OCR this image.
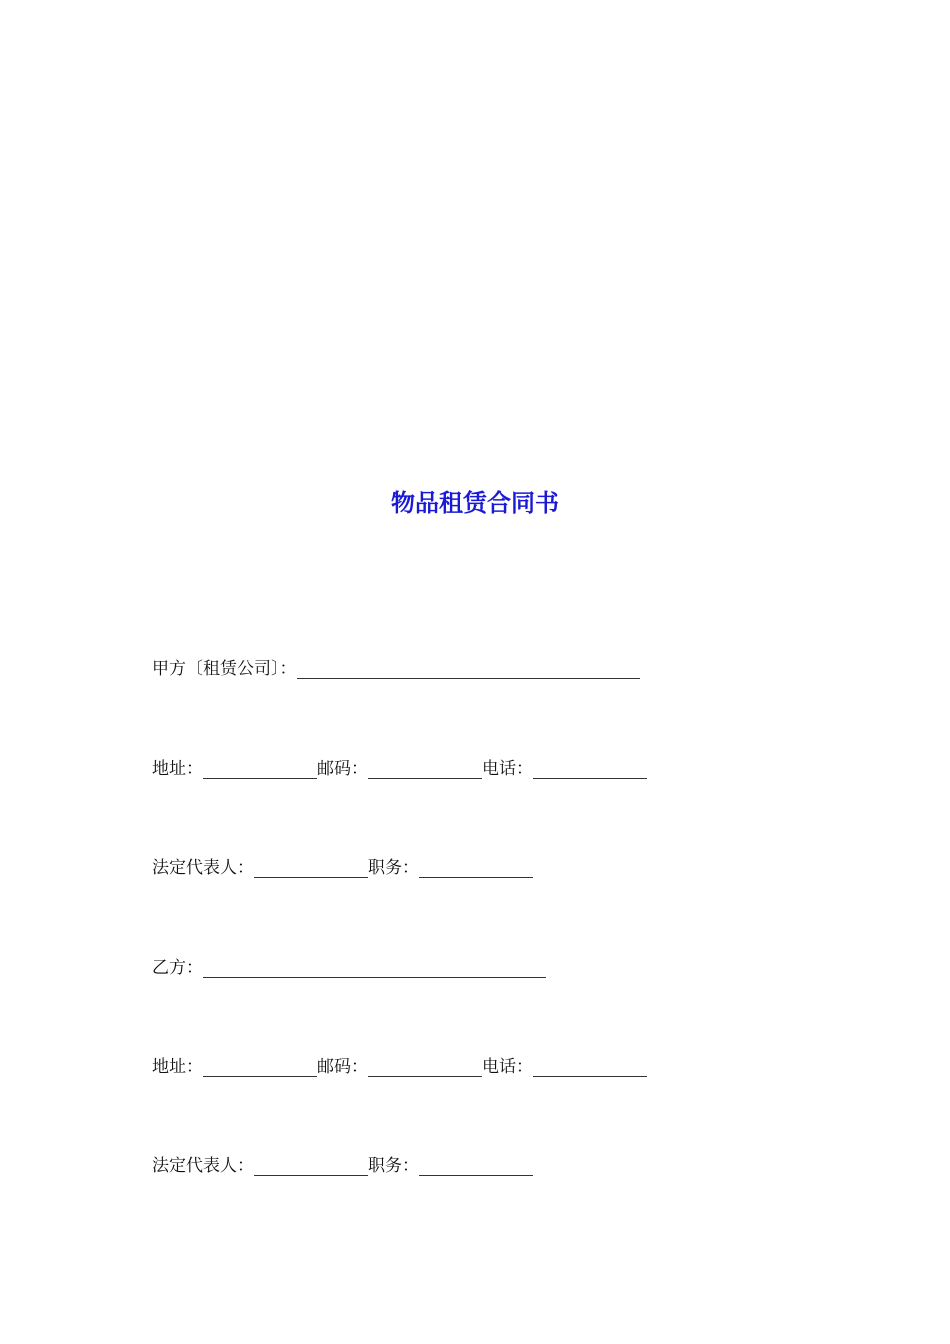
物品租赁合同书
甲方〔租赁公司〕：
地址：	邮码：	电话：
法定代表人：	职务：
乙方：
地址：	邮码：	电话：
法定代表人：	职务：
